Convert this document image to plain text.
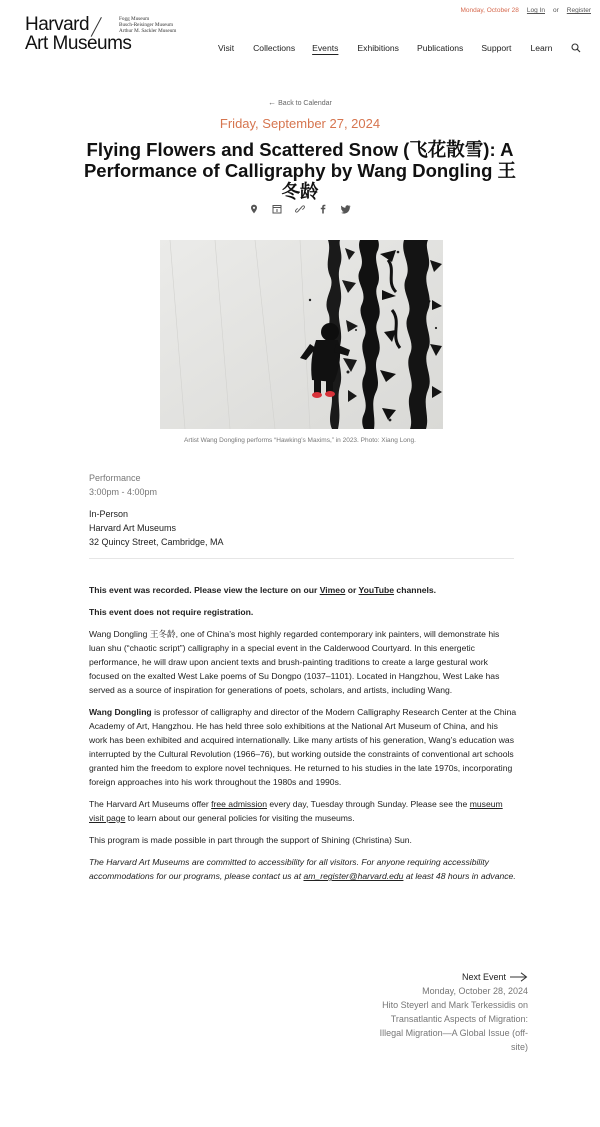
Harvard
Art Museums
Fogg Museum
Busch-Reisinger Museum
Arthur M. Sackler Museum
Monday, October 28 Log In or Register
Visit Collections Events Exhibitions Publications Support Learn
← Back to Calendar
Friday, September 27, 2024
Flying Flowers and Scattered Snow (飞花散雪): A Performance of Calligraphy by Wang Dongling 王冬龄
Artist Wang Dongling performs “Hawking’s Maxims,” in 2023. Photo: Xiang Long.
Performance
3:00pm - 4:00pm
In-Person
Harvard Art Museums
32 Quincy Street, Cambridge, MA

This event was recorded. Please view the lecture on our Vimeo or YouTube channels.

This event does not require registration.

Wang Dongling 王冬龄, one of China’s most highly regarded contemporary ink painters, will demonstrate his luan shu (“chaotic script”) calligraphy in a special event in the Calderwood Courtyard. In this energetic performance, he will draw upon ancient texts and brush-painting traditions to create a large gestural work focused on the exalted West Lake poems of Su Dongpo (1037–1101). Located in Hangzhou, West Lake has served as a source of inspiration for generations of poets, scholars, and artists, including Wang.

Wang Dongling is professor of calligraphy and director of the Modern Calligraphy Research Center at the China Academy of Art, Hangzhou. He has held three solo exhibitions at the National Art Museum of China, and his work has been exhibited and acquired internationally. Like many artists of his generation, Wang’s education was interrupted by the Cultural Revolution (1966–76), but working outside the constraints of conventional art schools granted him the freedom to explore novel techniques. He returned to his studies in the late 1970s, incorporating foreign approaches into his work throughout the 1980s and 1990s.

The Harvard Art Museums offer free admission every day, Tuesday through Sunday. Please see the museum visit page to learn about our general policies for visiting the museums.

This program is made possible in part through the support of Shining (Christina) Sun.

The Harvard Art Museums are committed to accessibility for all visitors. For anyone requiring accessibility accommodations for our programs, please contact us at am_register@harvard.edu at least 48 hours in advance.

Next Event
Monday, October 28, 2024
Hito Steyerl and Mark Terkessidis on Transatlantic Aspects of Migration: Illegal Migration—A Global Issue (off-site)
